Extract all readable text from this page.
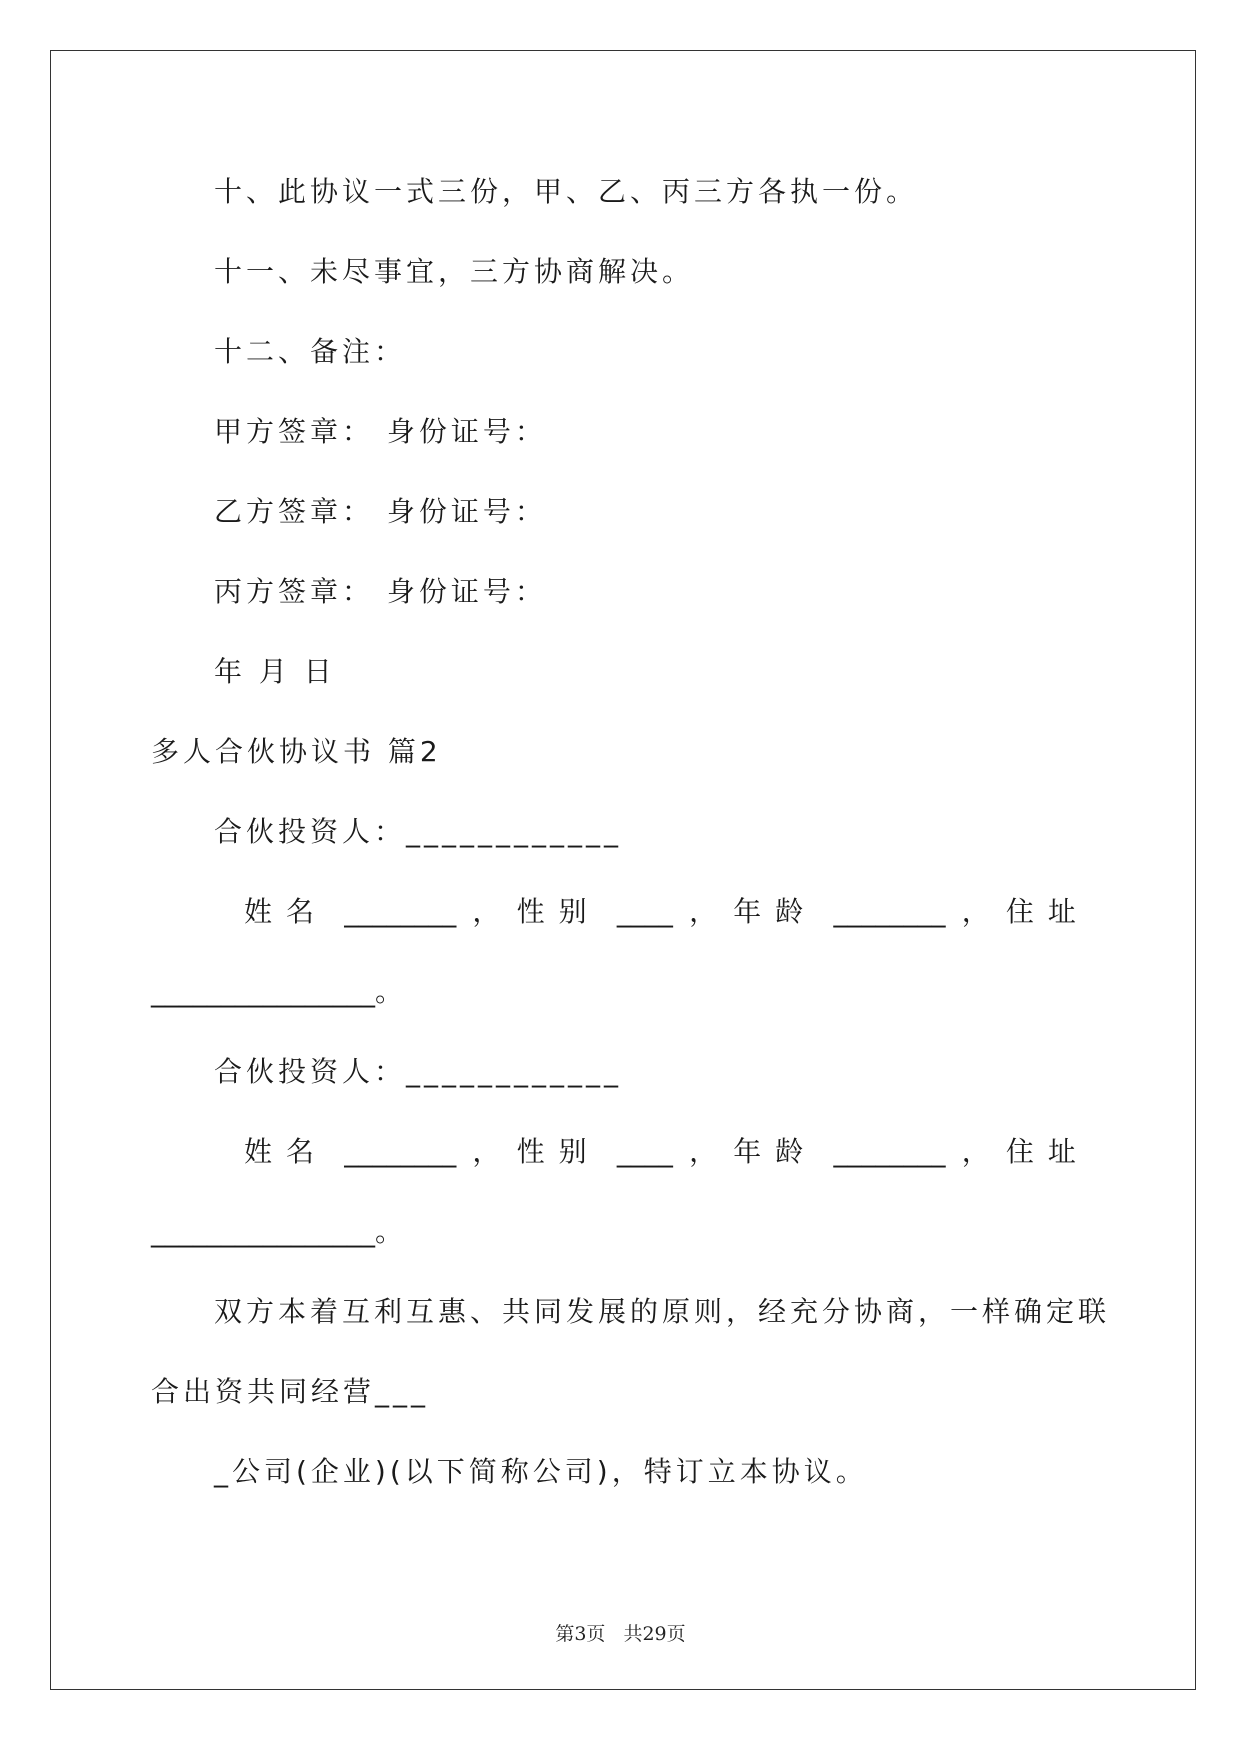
十、此协议一式三份，甲、乙、丙三方各执一份。
十一、未尽事宜，三方协商解决。
十二、备注：
甲方签章： 身份证号：
乙方签章： 身份证号：
丙方签章： 身份证号：
年 月 日
多人合伙协议书 篇2
合伙投资人：____________
姓名 ________ ， 性别 ____ ， 年龄 ________ ， 住址
________________。
合伙投资人：____________
姓名 ________ ， 性别 ____ ， 年龄 ________ ， 住址
________________。
双方本着互利互惠、共同发展的原则，经充分协商，一样确定联
合出资共同经营___
_公司(企业)(以下简称公司)，特订立本协议。
第3页 共29页
